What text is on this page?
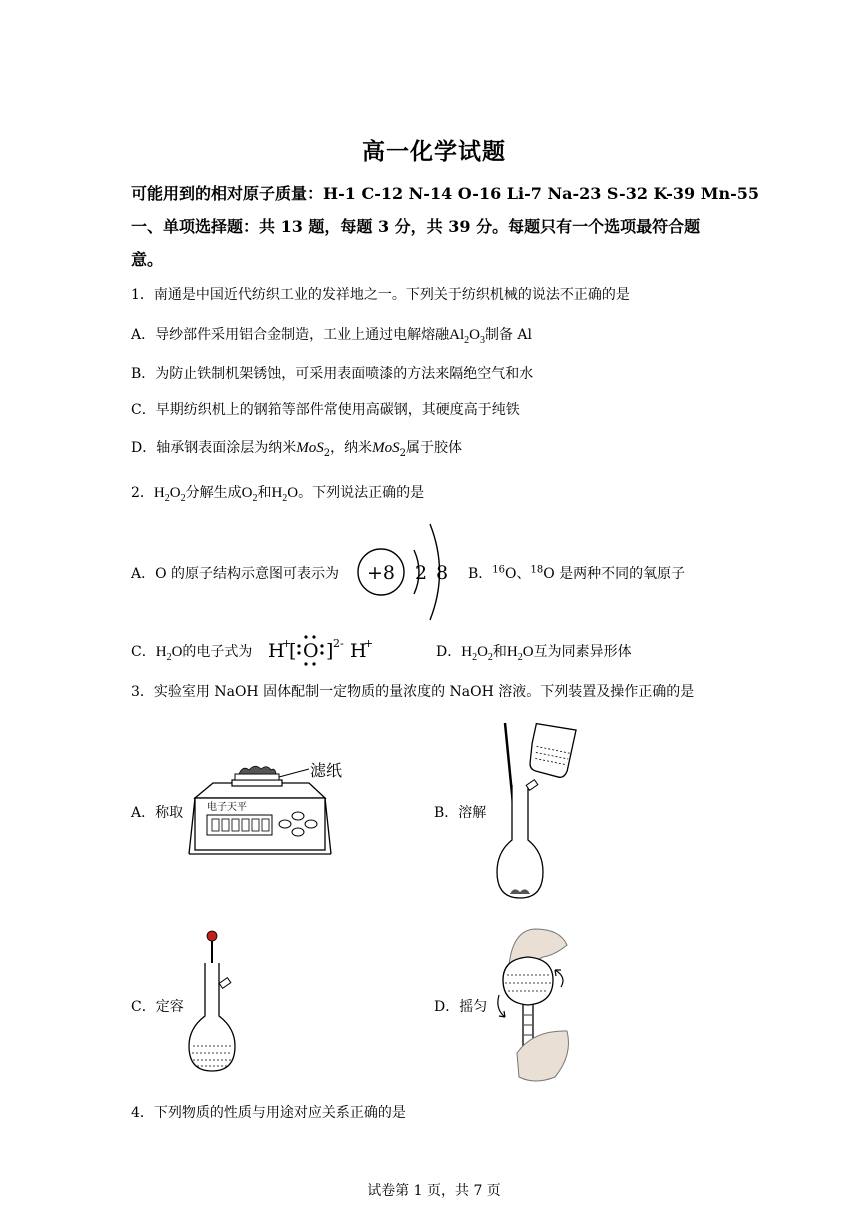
高一化学试题
可能用到的相对原子质量：H-1 C-12 N-14 O-16 Li-7 Na-23 S-32 K-39 Mn-55
一、单项选择题：共 13 题，每题 3 分，共 39 分。每题只有一个选项最符合题
意。
1．南通是中国近代纺织工业的发祥地之一。下列关于纺织机械的说法不正确的是
A．导纱部件采用铝合金制造，工业上通过电解熔融$Al_2O_3$制备 Al
B．为防止铁制机架锈蚀，可采用表面喷漆的方法来隔绝空气和水
C．早期纺织机上的钢筘等部件常使用高碳钢，其硬度高于纯铁
D．轴承钢表面涂层为纳米MoS$_2$，纳米MoS$_2$属于胶体
2．$H_2O_2$分解生成$O_2$和$H_2O$。下列说法正确的是
A．O 的原子结构示意图可表示为 +8 2 8 B．$^{16}$O、$^{18}$O 是两种不同的氧原子
C．$H_2O$的电子式为 H
+
[ O ] 2- H
+
D．$H_2O_2$和$H_2O$互为同素异形体
3．实验室用 NaOH 固体配制一定物质的量浓度的 NaOH 溶液。下列装置及操作正确的是
A．称取
滤纸
电子天平	B．溶解
C．定容	D．摇匀
4．下列物质的性质与用途对应关系正确的是
试卷第 1 页，共 7 页
